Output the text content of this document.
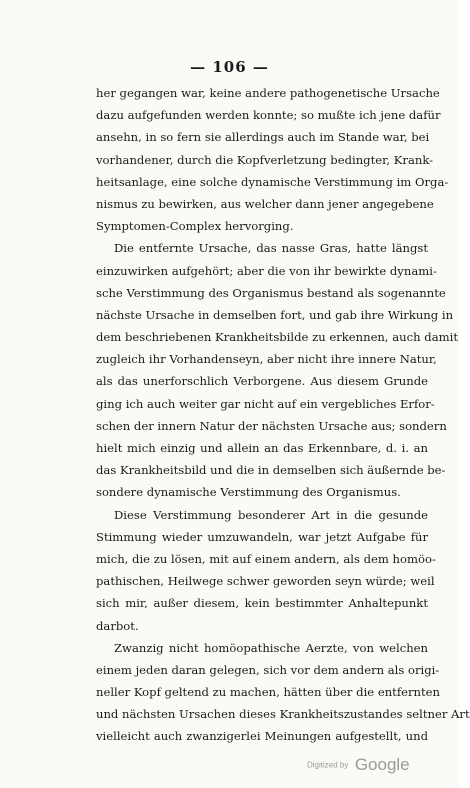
— 106 —
her gegangen war, keine andere pathogenetische Ursache
dazu aufgefunden werden konnte; so mußte ich jene dafür
ansehn, in so fern sie allerdings auch im Stande war, bei
vorhandener, durch die Kopfverletzung bedingter, Krank-
heitsanlage, eine solche dynamische Verstimmung im Orga-
nismus zu bewirken, aus welcher dann jener angegebene
Symptomen-Complex hervorging.
Die entfernte Ursache, das nasse Gras, hatte längst
einzuwirken aufgehört; aber die von ihr bewirkte dynami-
sche Verstimmung des Organismus bestand als sogenannte
nächste Ursache in demselben fort, und gab ihre Wirkung in
dem beschriebenen Krankheitsbilde zu erkennen, auch damit
zugleich ihr Vorhandenseyn, aber nicht ihre innere Natur,
als das unerforschlich Verborgene. Aus diesem Grunde
ging ich auch weiter gar nicht auf ein vergebliches Erfor-
schen der innern Natur der nächsten Ursache aus; sondern
hielt mich einzig und allein an das Erkennbare, d. i. an
das Krankheitsbild und die in demselben sich äußernde be-
sondere dynamische Verstimmung des Organismus.
Diese Verstimmung besonderer Art in die gesunde
Stimmung wieder umzuwandeln, war jetzt Aufgabe für
mich, die zu lösen, mit auf einem andern, als dem homöo-
pathischen, Heilwege schwer geworden seyn würde; weil
sich mir, außer diesem, kein bestimmter Anhaltepunkt
darbot.
Zwanzig nicht homöopathische Aerzte, von welchen
einem jeden daran gelegen, sich vor dem andern als origi-
neller Kopf geltend zu machen, hätten über die entfernten
und nächsten Ursachen dieses Krankheitszustandes seltner Art
vielleicht auch zwanzigerlei Meinungen aufgestellt, und
Digitized by Google
